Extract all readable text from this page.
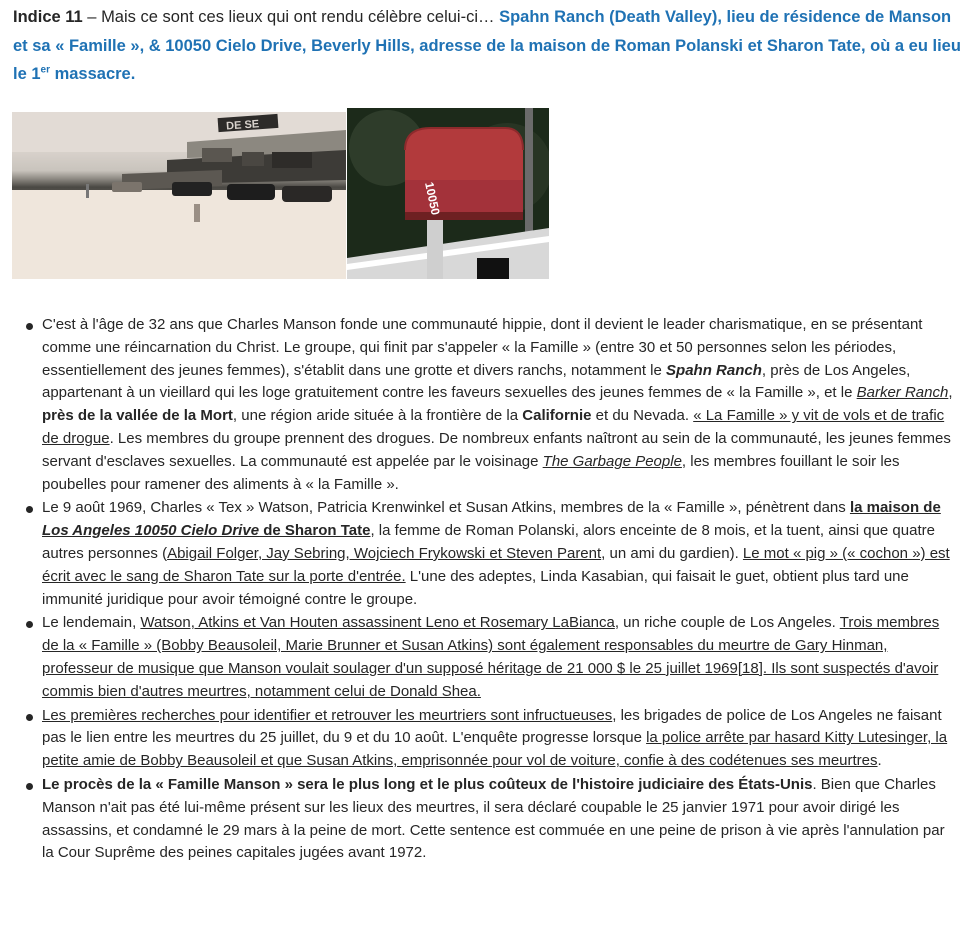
Indice 11 – Mais ce sont ces lieux qui ont rendu célèbre celui-ci… Spahn Ranch (Death Valley), lieu de résidence de Manson et sa « Famille », & 10050 Cielo Drive, Beverly Hills, adresse de la maison de Roman Polanski et Sharon Tate, où a eu lieu le 1er massacre.
DE SE
10050
C'est à l'âge de 32 ans que Charles Manson fonde une communauté hippie, dont il devient le leader charismatique, en se présentant comme une réincarnation du Christ. Le groupe, qui finit par s'appeler « la Famille » (entre 30 et 50 personnes selon les périodes, essentiellement des jeunes femmes), s'établit dans une grotte et divers ranchs, notamment le Spahn Ranch, près de Los Angeles, appartenant à un vieillard qui les loge gratuitement contre les faveurs sexuelles des jeunes femmes de « la Famille », et le Barker Ranch, près de la vallée de la Mort, une région aride située à la frontière de la Californie et du Nevada. « La Famille » y vit de vols et de trafic de drogue. Les membres du groupe prennent des drogues. De nombreux enfants naîtront au sein de la communauté, les jeunes femmes servant d'esclaves sexuelles. La communauté est appelée par le voisinage The Garbage People, les membres fouillant le soir les poubelles pour ramener des aliments à « la Famille ».
Le 9 août 1969, Charles « Tex » Watson, Patricia Krenwinkel et Susan Atkins, membres de la « Famille », pénètrent dans la maison de Los Angeles 10050 Cielo Drive de Sharon Tate, la femme de Roman Polanski, alors enceinte de 8 mois, et la tuent, ainsi que quatre autres personnes (Abigail Folger, Jay Sebring, Wojciech Frykowski et Steven Parent, un ami du gardien). Le mot « pig » (« cochon ») est écrit avec le sang de Sharon Tate sur la porte d'entrée. L'une des adeptes, Linda Kasabian, qui faisait le guet, obtient plus tard une immunité juridique pour avoir témoigné contre le groupe.
Le lendemain, Watson, Atkins et Van Houten assassinent Leno et Rosemary LaBianca, un riche couple de Los Angeles. Trois membres de la « Famille » (Bobby Beausoleil, Marie Brunner et Susan Atkins) sont également responsables du meurtre de Gary Hinman, professeur de musique que Manson voulait soulager d'un supposé héritage de 21 000 $ le 25 juillet 1969[18]. Ils sont suspectés d'avoir commis bien d'autres meurtres, notamment celui de Donald Shea.
Les premières recherches pour identifier et retrouver les meurtriers sont infructueuses, les brigades de police de Los Angeles ne faisant pas le lien entre les meurtres du 25 juillet, du 9 et du 10 août. L'enquête progresse lorsque la police arrête par hasard Kitty Lutesinger, la petite amie de Bobby Beausoleil et que Susan Atkins, emprisonnée pour vol de voiture, confie à des codétenues ses meurtres.
Le procès de la « Famille Manson » sera le plus long et le plus coûteux de l'histoire judiciaire des États-Unis. Bien que Charles Manson n'ait pas été lui-même présent sur les lieux des meurtres, il sera déclaré coupable le 25 janvier 1971 pour avoir dirigé les assassins, et condamné le 29 mars à la peine de mort. Cette sentence est commuée en une peine de prison à vie après l'annulation par la Cour Suprême des peines capitales jugées avant 1972.
